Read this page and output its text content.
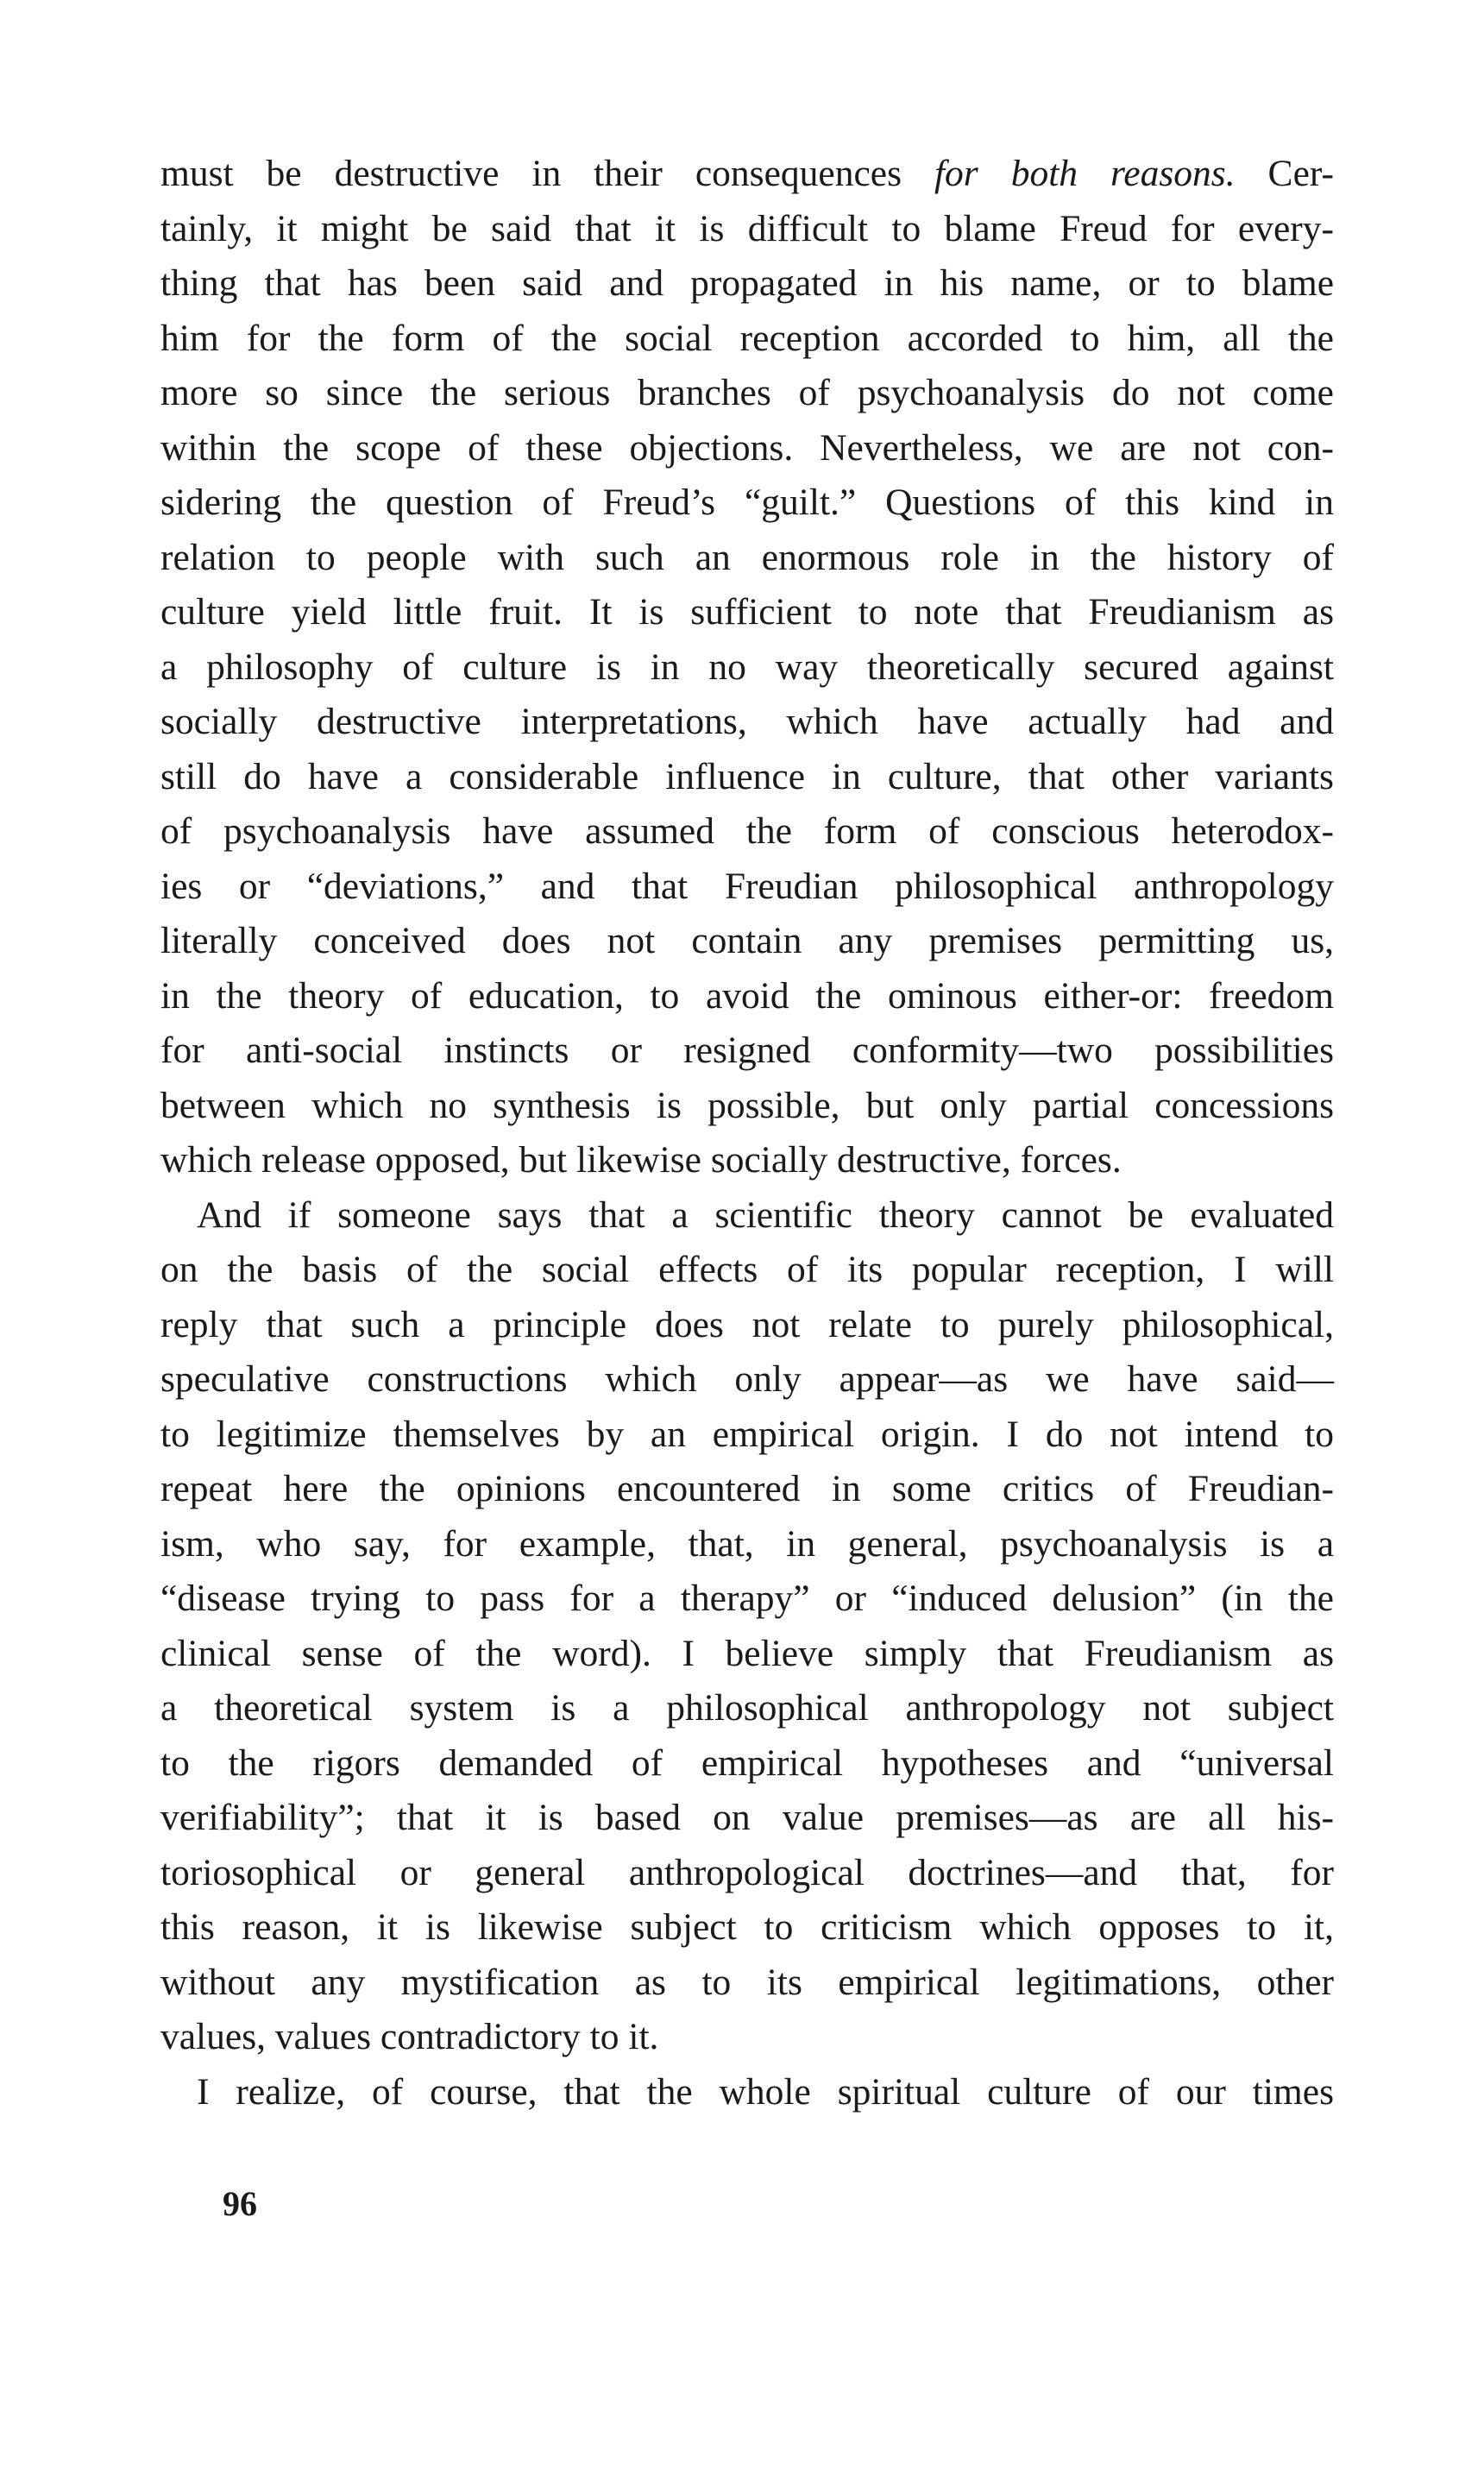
must be destructive in their consequences for both reasons. Cer-
tainly, it might be said that it is difficult to blame Freud for every-
thing that has been said and propagated in his name, or to blame
him for the form of the social reception accorded to him, all the
more so since the serious branches of psychoanalysis do not come
within the scope of these objections. Nevertheless, we are not con-
sidering the question of Freud’s “guilt.” Questions of this kind in
relation to people with such an enormous role in the history of
culture yield little fruit. It is sufficient to note that Freudianism as
a philosophy of culture is in no way theoretically secured against
socially destructive interpretations, which have actually had and
still do have a considerable influence in culture, that other variants
of psychoanalysis have assumed the form of conscious heterodox-
ies or “deviations,” and that Freudian philosophical anthropology
literally conceived does not contain any premises permitting us,
in the theory of education, to avoid the ominous either-or: freedom
for anti-social instincts or resigned conformity—two possibilities
between which no synthesis is possible, but only partial concessions
which release opposed, but likewise socially destructive, forces.
And if someone says that a scientific theory cannot be evaluated
on the basis of the social effects of its popular reception, I will
reply that such a principle does not relate to purely philosophical,
speculative constructions which only appear—as we have said—
to legitimize themselves by an empirical origin. I do not intend to
repeat here the opinions encountered in some critics of Freudian-
ism, who say, for example, that, in general, psychoanalysis is a
“disease trying to pass for a therapy” or “induced delusion” (in the
clinical sense of the word). I believe simply that Freudianism as
a theoretical system is a philosophical anthropology not subject
to the rigors demanded of empirical hypotheses and “universal
verifiability”; that it is based on value premises—as are all his-
toriosophical or general anthropological doctrines—and that, for
this reason, it is likewise subject to criticism which opposes to it,
without any mystification as to its empirical legitimations, other
values, values contradictory to it.
I realize, of course, that the whole spiritual culture of our times
96
